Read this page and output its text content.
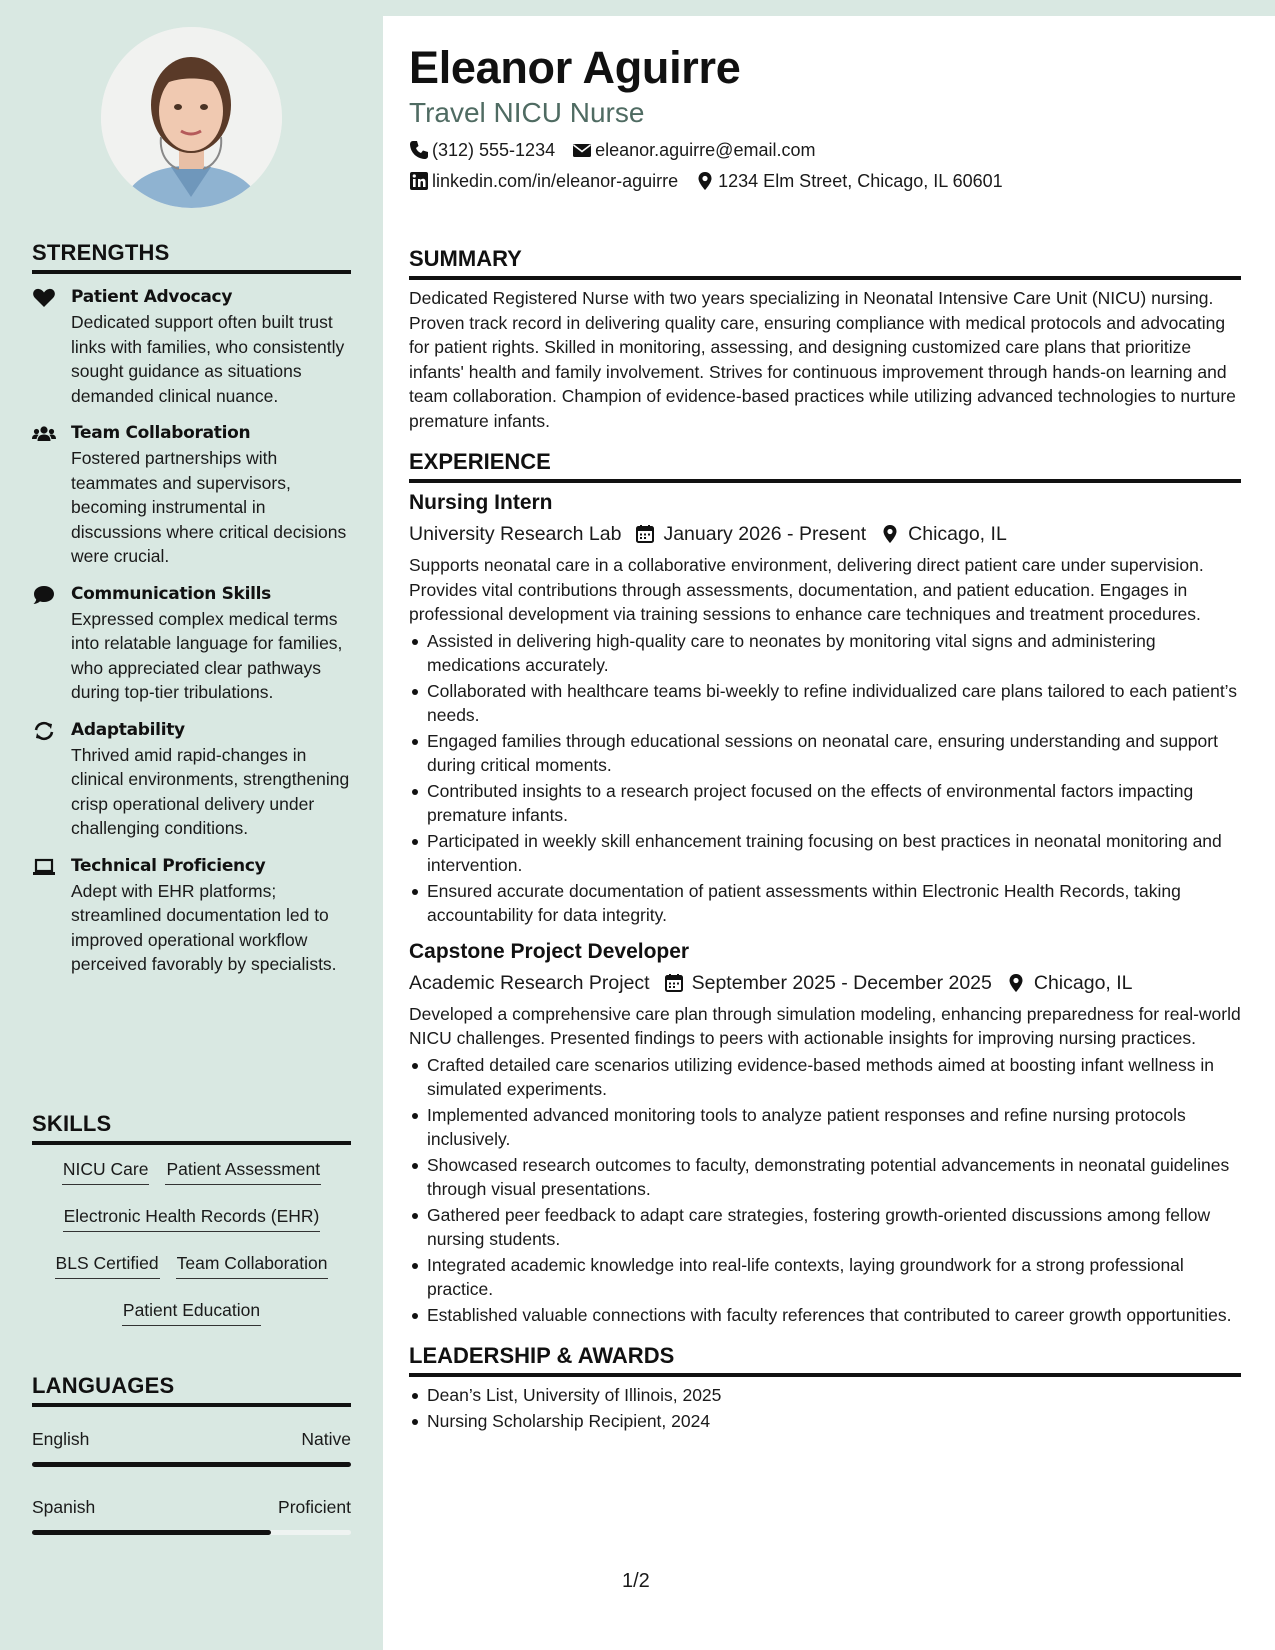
STRENGTHS
Patient Advocacy
Dedicated support often built trust links with families, who consistently sought guidance as situations demanded clinical nuance.
Team Collaboration
Fostered partnerships with teammates and supervisors, becoming instrumental in discussions where critical decisions were crucial.
Communication Skills
Expressed complex medical terms into relatable language for families, who appreciated clear pathways during top-tier tribulations.
Adaptability
Thrived amid rapid-changes in clinical environments, strengthening crisp operational delivery under challenging conditions.
Technical Proficiency
Adept with EHR platforms; streamlined documentation led to improved operational workflow perceived favorably by specialists.
SKILLS
NICU Care Patient Assessment
Electronic Health Records (EHR)
BLS Certified Team Collaboration
Patient Education
LANGUAGES
English	Native
Spanish	Proficient
Eleanor Aguirre
Travel NICU Nurse
(312) 555-1234 eleanor.aguirre@email.com
linkedin.com/in/eleanor-aguirre 1234 Elm Street, Chicago, IL 60601
SUMMARY
Dedicated Registered Nurse with two years specializing in Neonatal Intensive Care Unit (NICU) nursing. Proven track record in delivering quality care, ensuring compliance with medical protocols and advocating for patient rights. Skilled in monitoring, assessing, and designing customized care plans that prioritize infants' health and family involvement. Strives for continuous improvement through hands-on learning and team collaboration. Champion of evidence-based practices while utilizing advanced technologies to nurture premature infants.
EXPERIENCE
Nursing Intern
University Research Lab January 2026 - Present Chicago, IL
Supports neonatal care in a collaborative environment, delivering direct patient care under supervision. Provides vital contributions through assessments, documentation, and patient education. Engages in professional development via training sessions to enhance care techniques and treatment procedures.
Assisted in delivering high-quality care to neonates by monitoring vital signs and administering medications accurately.
Collaborated with healthcare teams bi-weekly to refine individualized care plans tailored to each patient’s needs.
Engaged families through educational sessions on neonatal care, ensuring understanding and support during critical moments.
Contributed insights to a research project focused on the effects of environmental factors impacting premature infants.
Participated in weekly skill enhancement training focusing on best practices in neonatal monitoring and intervention.
Ensured accurate documentation of patient assessments within Electronic Health Records, taking accountability for data integrity.
Capstone Project Developer
Academic Research Project September 2025 - December 2025 Chicago, IL
Developed a comprehensive care plan through simulation modeling, enhancing preparedness for real-world NICU challenges. Presented findings to peers with actionable insights for improving nursing practices.
Crafted detailed care scenarios utilizing evidence-based methods aimed at boosting infant wellness in simulated experiments.
Implemented advanced monitoring tools to analyze patient responses and refine nursing protocols inclusively.
Showcased research outcomes to faculty, demonstrating potential advancements in neonatal guidelines through visual presentations.
Gathered peer feedback to adapt care strategies, fostering growth-oriented discussions among fellow nursing students.
Integrated academic knowledge into real-life contexts, laying groundwork for a strong professional practice.
Established valuable connections with faculty references that contributed to career growth opportunities.
LEADERSHIP & AWARDS
Dean’s List, University of Illinois, 2025
Nursing Scholarship Recipient, 2024
1/2
